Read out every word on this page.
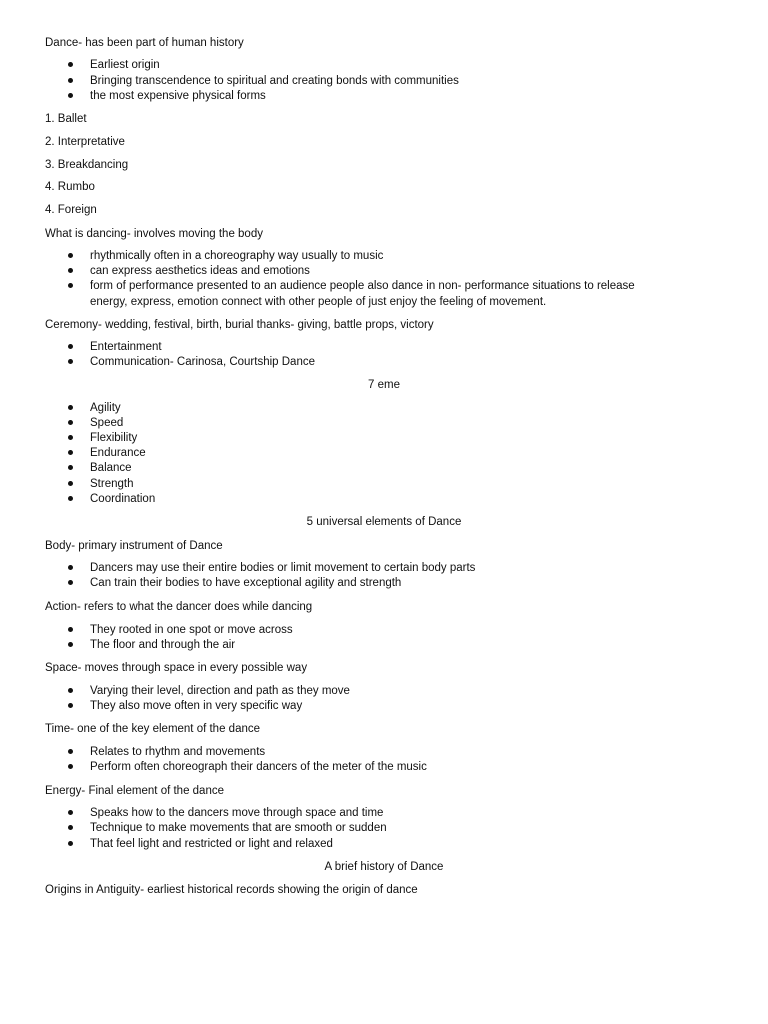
Dance- has been part of human history

Earliest origin

Bringing transcendence to spiritual and creating bonds with communities

the most expensive physical forms

1. Ballet

2. Interpretative

3. Breakdancing

4. Rumbo

4. Foreign

What is dancing- involves moving the body

rhythmically often in a choreography way usually to music

can express aesthetics ideas and emotions

form of performance presented to an audience people also dance in non- performance situations to release

energy, express, emotion connect with other people of just enjoy the feeling of movement.

Ceremony- wedding, festival, birth, burial thanks- giving, battle props, victory

Entertainment

Communication- Carinosa, Courtship Dance

7 eme

Agility

Speed

Flexibility

Endurance

Balance

Strength

Coordination

5 universal elements of Dance

Body- primary instrument of Dance

Dancers may use their entire bodies or limit movement to certain body parts

Can train their bodies to have exceptional agility and strength

Action- refers to what the dancer does while dancing

They rooted in one spot or move across

The floor and through the air

Space- moves through space in every possible way

Varying their level, direction and path as they move

They also move often in very specific way

Time- one of the key element of the dance

Relates to rhythm and movements

Perform often choreograph their dancers of the meter of the music

Energy- Final element of the dance

Speaks how to the dancers move through space and time

Technique to make movements that are smooth or sudden

That feel light and restricted or light and relaxed

A brief history of Dance

Origins in Antiguity- earliest historical records showing the origin of dance
